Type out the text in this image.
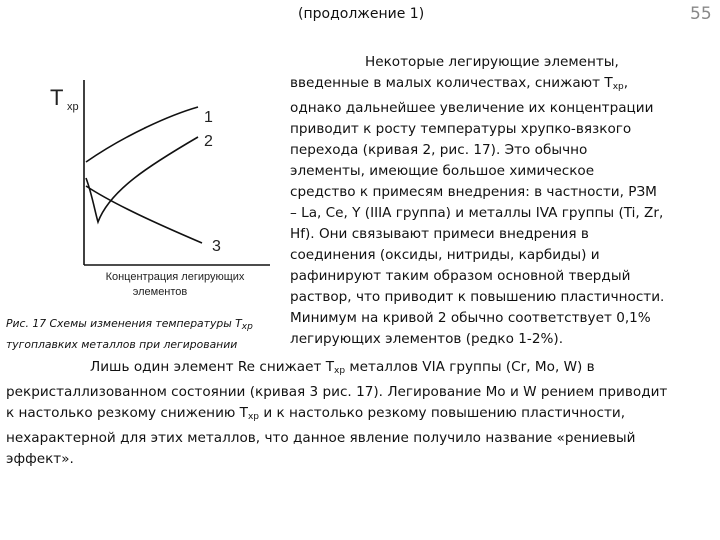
(продолжение 1)	55
T хр
1
2
3
Концентрация легирующих
элементов
Некоторые легирующие элементы,
введенные в малых количествах, снижают $T_{хр}$,
однако дальнейшее увеличение их концентрации
приводит к росту температуры хрупко-вязкого
перехода (кривая 2, рис. 17). Это обычно
элементы, имеющие большое химическое
средство к примесям внедрения: в частности, РЗМ
– La, Ce, Y (IIIA группа) и металлы IVA группы (Ti, Zr,
Hf). Они связывают примеси внедрения в
соединения (оксиды, нитриды, карбиды) и
рафинируют таким образом основной твердый
раствор, что приводит к повышению пластичности.
Минимум на кривой 2 обычно соответствует 0,1%
легирующих элементов (редко 1-2%).
Рис. 17 Схемы изменения температуры $T_{хр}$
тугоплавких металлов при легировании
Лишь один элемент Re снижает $T_{хр}$ металлов VIA группы (Cr, Mo, W) в
рекристаллизованном состоянии (кривая 3 рис. 17). Легирование Mo и W рением приводит
к настолько резкому снижению $T_{хр}$ и к настолько резкому повышению пластичности,
нехарактерной для этих металлов, что данное явление получило название «рениевый
эффект».
